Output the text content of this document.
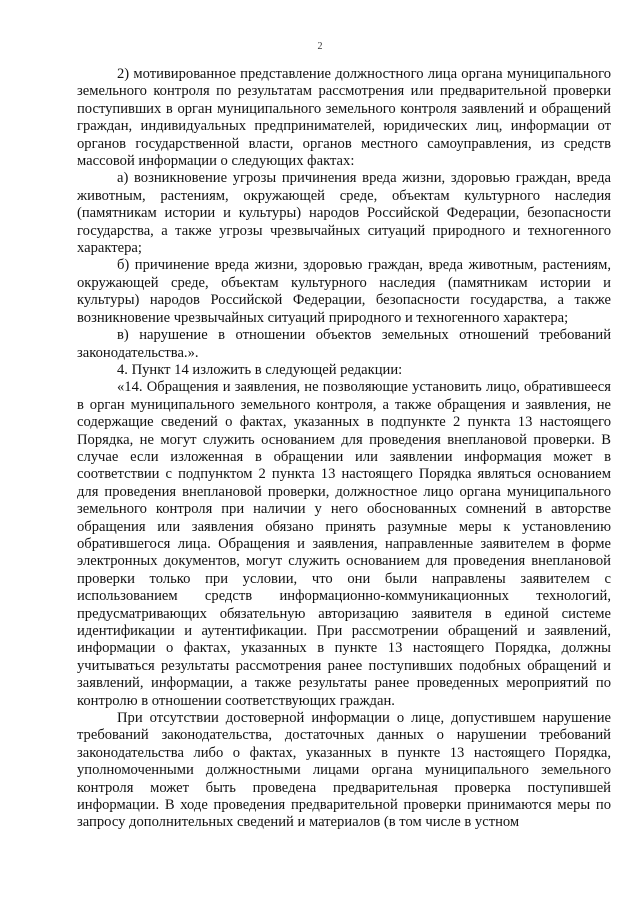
2

2) мотивированное представление должностного лица органа муниципального земельного контроля по результатам рассмотрения или предварительной проверки поступивших в орган муниципального земельного контроля заявлений и обращений граждан, индивидуальных предпринимателей, юридических лиц, информации от органов государственной власти, органов местного самоуправления, из средств массовой информации о следующих фактах:

а) возникновение угрозы причинения вреда жизни, здоровью граждан, вреда животным, растениям, окружающей среде, объектам культурного наследия (памятникам истории и культуры) народов Российской Федерации, безопасности государства, а также угрозы чрезвычайных ситуаций природного и техногенного характера;

б) причинение вреда жизни, здоровью граждан, вреда животным, растениям, окружающей среде, объектам культурного наследия (памятникам истории и культуры) народов Российской Федерации, безопасности государства, а также возникновение чрезвычайных ситуаций природного и техногенного характера;

в) нарушение в отношении объектов земельных отношений требований законодательства.».

4. Пункт 14 изложить в следующей редакции:

«14. Обращения и заявления, не позволяющие установить лицо, обратившееся в орган муниципального земельного контроля, а также обращения и заявления, не содержащие сведений о фактах, указанных в подпункте 2 пункта 13 настоящего Порядка, не могут служить основанием для проведения внеплановой проверки. В случае если изложенная в обращении или заявлении информация может в соответствии с подпунктом 2 пункта 13 настоящего Порядка являться основанием для проведения внеплановой проверки, должностное лицо органа муниципального земельного контроля при наличии у него обоснованных сомнений в авторстве обращения или заявления обязано принять разумные меры к установлению обратившегося лица. Обращения и заявления, направленные заявителем в форме электронных документов, могут служить основанием для проведения внеплановой проверки только при условии, что они были направлены заявителем с использованием средств информационно-коммуникационных технологий, предусматривающих обязательную авторизацию заявителя в единой системе идентификации и аутентификации. При рассмотрении обращений и заявлений, информации о фактах, указанных в пункте 13 настоящего Порядка, должны учитываться результаты рассмотрения ранее поступивших подобных обращений и заявлений, информации, а также результаты ранее проведенных мероприятий по контролю в отношении соответствующих граждан.

При отсутствии достоверной информации о лице, допустившем нарушение требований законодательства, достаточных данных о нарушении требований законодательства либо о фактах, указанных в пункте 13 настоящего Порядка, уполномоченными должностными лицами органа муниципального земельного контроля может быть проведена предварительная проверка поступившей информации. В ходе проведения предварительной проверки принимаются меры по запросу дополнительных сведений и материалов (в том числе в устном
